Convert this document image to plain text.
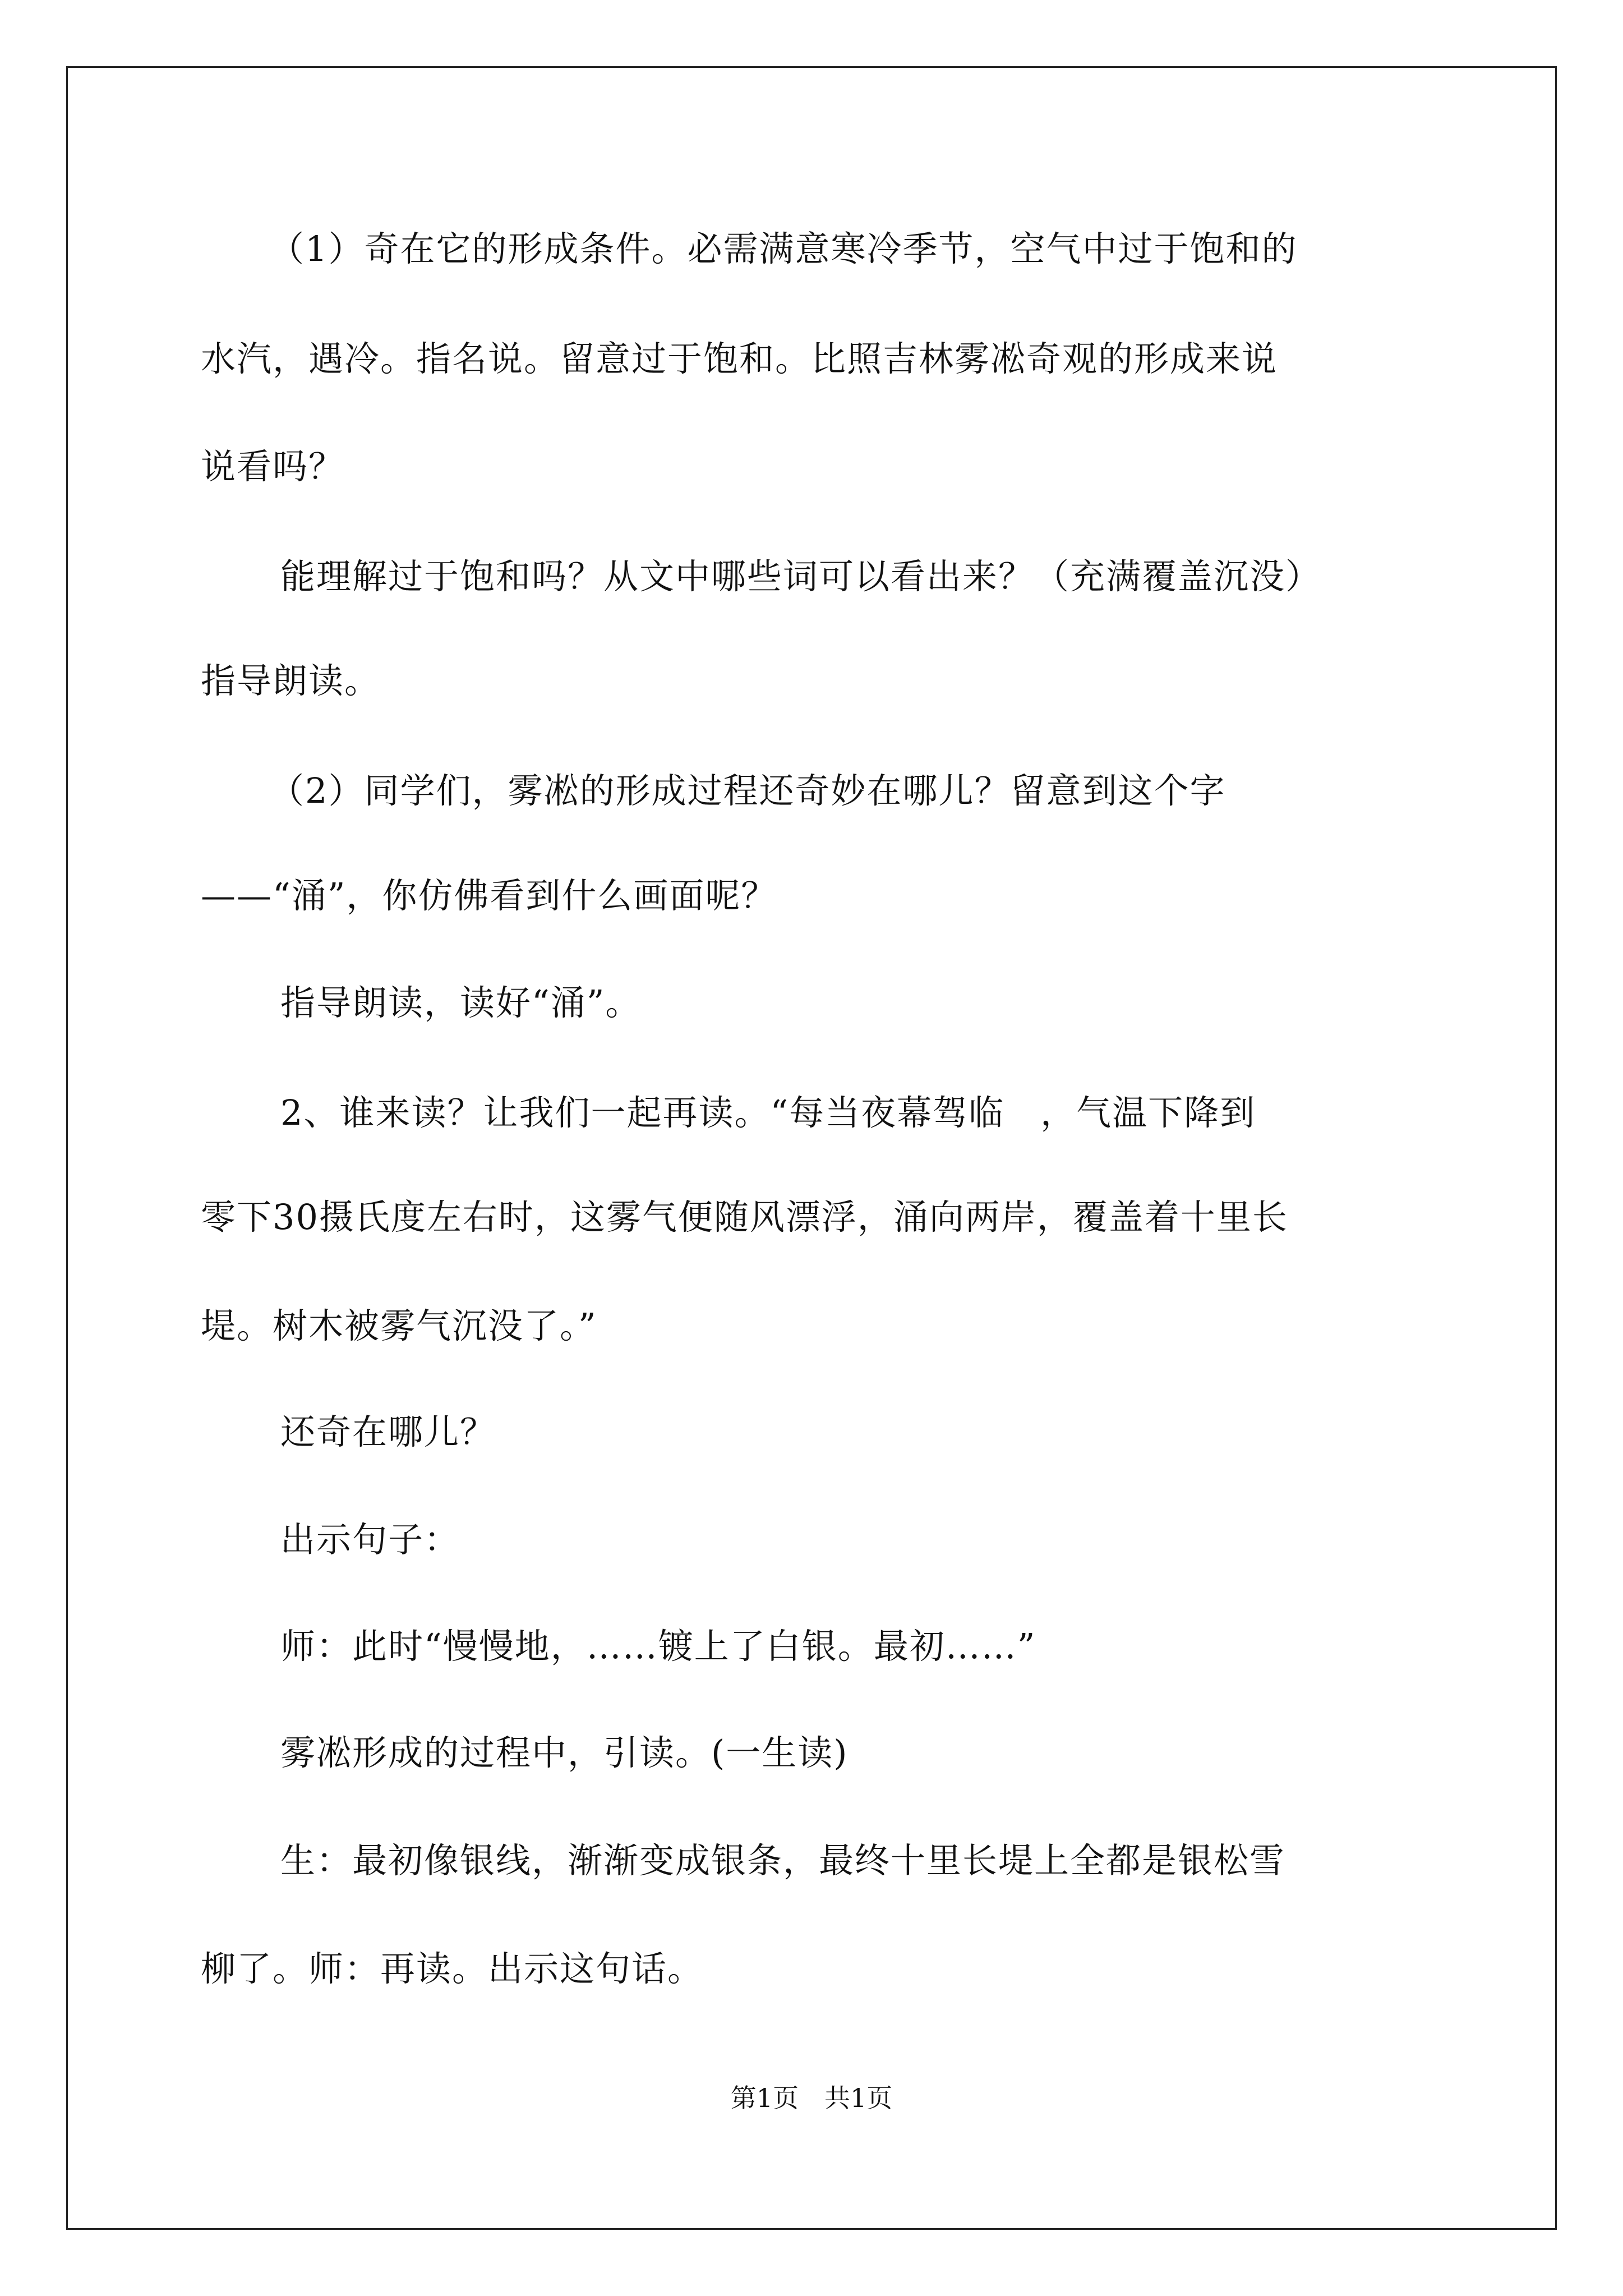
（1）奇在它的形成条件。必需满意寒冷季节，空气中过于饱和的
水汽，遇冷。指名说。留意过于饱和。比照吉林雾凇奇观的形成来说
说看吗？
能理解过于饱和吗？从文中哪些词可以看出来？（充满覆盖沉没）
指导朗读。
（2）同学们，雾凇的形成过程还奇妙在哪儿？留意到这个字
——“涌”，你仿佛看到什么画面呢？
指导朗读，读好“涌”。
2、谁来读？让我们一起再读。“每当夜幕驾临　，气温下降到
零下30摄氏度左右时，这雾气便随风漂浮，涌向两岸，覆盖着十里长
堤。树木被雾气沉没了。”
还奇在哪儿？
出示句子：
师：此时“慢慢地，……镀上了白银。最初……”
雾凇形成的过程中，引读。(一生读)
生：最初像银线，渐渐变成银条，最终十里长堤上全都是银松雪
柳了。师：再读。出示这句话。
第1页　共1页
